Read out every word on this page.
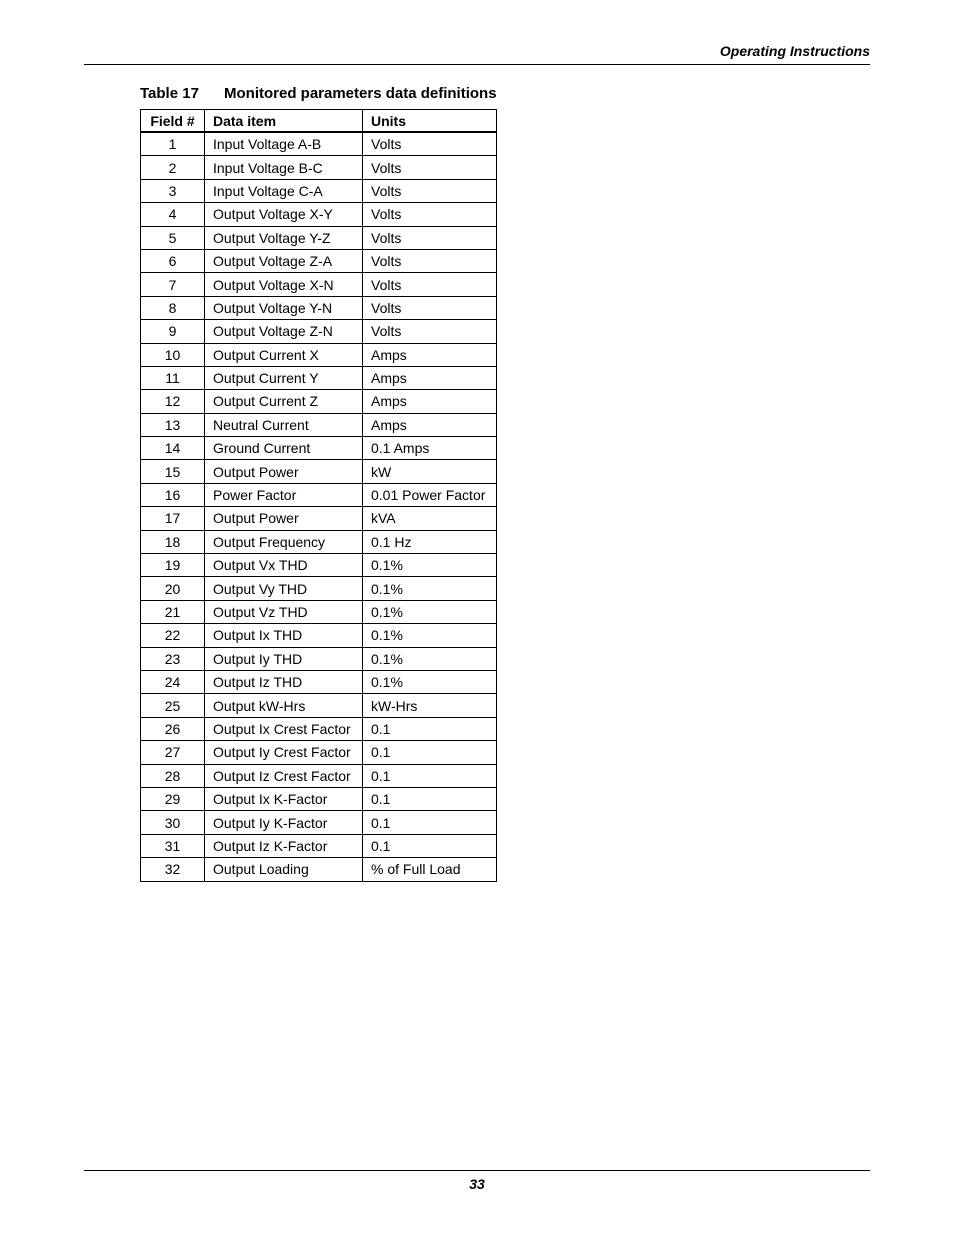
Operating Instructions
Table 17 Monitored parameters data definitions
Field #	Data item	Units
1	Input Voltage A-B	Volts
2	Input Voltage B-C	Volts
3	Input Voltage C-A	Volts
4	Output Voltage X-Y	Volts
5	Output Voltage Y-Z	Volts
6	Output Voltage Z-A	Volts
7	Output Voltage X-N	Volts
8	Output Voltage Y-N	Volts
9	Output Voltage Z-N	Volts
10	Output Current X	Amps
11	Output Current Y	Amps
12	Output Current Z	Amps
13	Neutral Current	Amps
14	Ground Current	0.1 Amps
15	Output Power	kW
16	Power Factor	0.01 Power Factor
17	Output Power	kVA
18	Output Frequency	0.1 Hz
19	Output Vx THD	0.1%
20	Output Vy THD	0.1%
21	Output Vz THD	0.1%
22	Output Ix THD	0.1%
23	Output Iy THD	0.1%
24	Output Iz THD	0.1%
25	Output kW-Hrs	kW-Hrs
26	Output Ix Crest Factor	0.1
27	Output Iy Crest Factor	0.1
28	Output Iz Crest Factor	0.1
29	Output Ix K-Factor	0.1
30	Output Iy K-Factor	0.1
31	Output Iz K-Factor	0.1
32	Output Loading	% of Full Load
33
